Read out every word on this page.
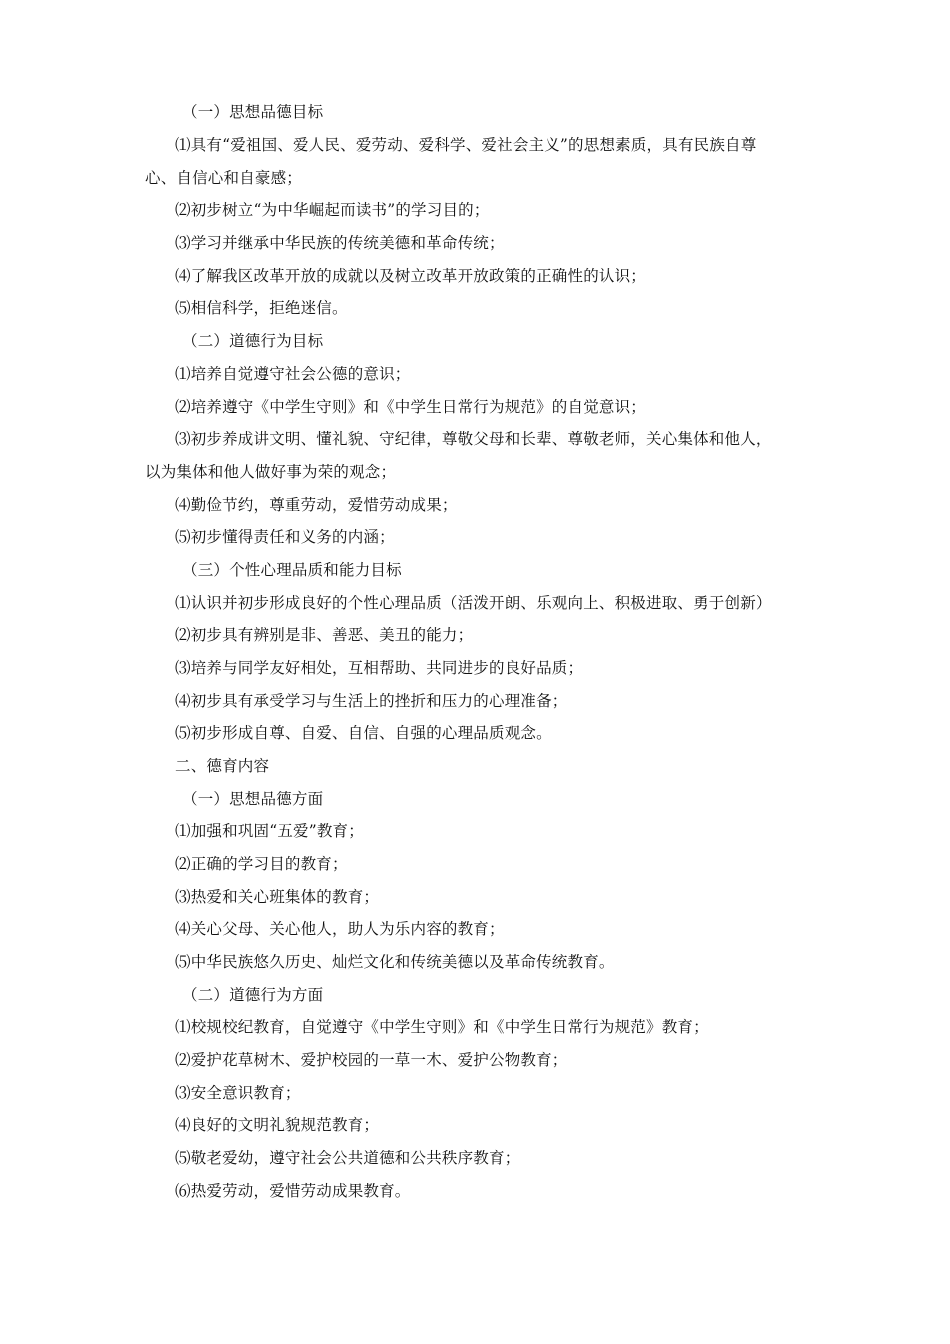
（一）思想品德目标
⑴具有“爱祖国、爱人民、爱劳动、爱科学、爱社会主义”的思想素质，具有民族自尊
心、自信心和自豪感；
⑵初步树立“为中华崛起而读书”的学习目的；
⑶学习并继承中华民族的传统美德和革命传统；
⑷了解我区改革开放的成就以及树立改革开放政策的正确性的认识；
⑸相信科学，拒绝迷信。
（二）道德行为目标
⑴培养自觉遵守社会公德的意识；
⑵培养遵守《中学生守则》和《中学生日常行为规范》的自觉意识；
⑶初步养成讲文明、懂礼貌、守纪律，尊敬父母和长辈、尊敬老师，关心集体和他人，
以为集体和他人做好事为荣的观念；
⑷勤俭节约，尊重劳动，爱惜劳动成果；
⑸初步懂得责任和义务的内涵；
（三）个性心理品质和能力目标
⑴认识并初步形成良好的个性心理品质（活泼开朗、乐观向上、积极进取、勇于创新）
⑵初步具有辨别是非、善恶、美丑的能力；
⑶培养与同学友好相处，互相帮助、共同进步的良好品质；
⑷初步具有承受学习与生活上的挫折和压力的心理准备；
⑸初步形成自尊、自爱、自信、自强的心理品质观念。
二、德育内容
（一）思想品德方面
⑴加强和巩固“五爱”教育；
⑵正确的学习目的教育；
⑶热爱和关心班集体的教育；
⑷关心父母、关心他人，助人为乐内容的教育；
⑸中华民族悠久历史、灿烂文化和传统美德以及革命传统教育。
（二）道德行为方面
⑴校规校纪教育，自觉遵守《中学生守则》和《中学生日常行为规范》教育；
⑵爱护花草树木、爱护校园的一草一木、爱护公物教育；
⑶安全意识教育；
⑷良好的文明礼貌规范教育；
⑸敬老爱幼，遵守社会公共道德和公共秩序教育；
⑹热爱劳动，爱惜劳动成果教育。
